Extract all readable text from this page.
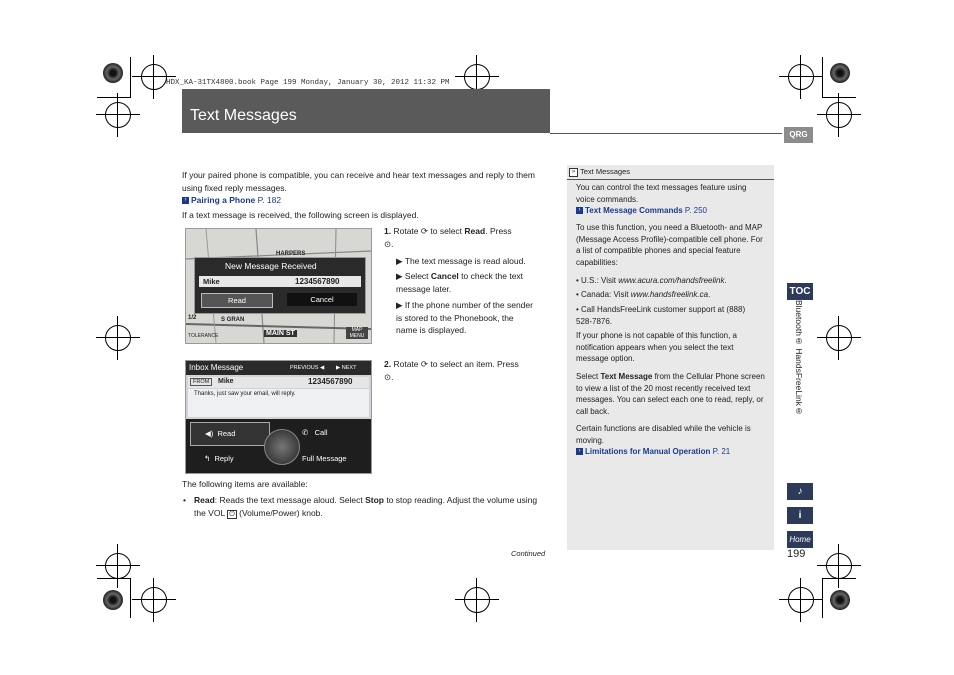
HDX_KA-31TX4800.book Page 199 Monday, January 30, 2012 11:32 PM
Text Messages
QRG
TOC
Bluetooth® HandsFreeLink®
♪
i
Home
199
If your paired phone is compatible, you can receive and hear text messages and reply to them using fixed reply messages.
› Pairing a Phone P. 182
If a text message is received, the following screen is displayed.
HARPERS
S GRAN
MAIN ST
1/2
TOLERANCE
MAP MENU
New Message Received
Mike	1234567890
Read	Cancel
1. Rotate ⟳ to select Read. Press
⊙.
▶ The text message is read aloud.
▶ Select Cancel to check the text message later.
▶ If the phone number of the sender is stored to the Phonebook, the name is displayed.
Inbox Message	PREVIOUS ◀ ▶ NEXT
FROM	Mike	1234567890
Thanks, just saw your email, will reply.
◀) Read	✆ Call
↰ Reply	Full Message
2. Rotate ⟳ to select an item. Press
⊙.
The following items are available:
• Read: Reads the text message aloud. Select Stop to stop reading. Adjust the volume using the VOL ⏻ (Volume/Power) knob.
Continued
» Text Messages
You can control the text messages feature using voice commands.
› Text Message Commands P. 250
To use this function, you need a Bluetooth- and MAP (Message Access Profile)-compatible cell phone. For a list of compatible phones and special feature capabilities:
• U.S.: Visit www.acura.com/handsfreelink.
• Canada: Visit www.handsfreelink.ca.
• Call HandsFreeLink customer support at (888) 528-7876.
If your phone is not capable of this function, a notification appears when you select the text message option.
Select Text Message from the Cellular Phone screen to view a list of the 20 most recently received text messages. You can select each one to read, reply, or call back.
Certain functions are disabled while the vehicle is moving.
› Limitations for Manual Operation P. 21
